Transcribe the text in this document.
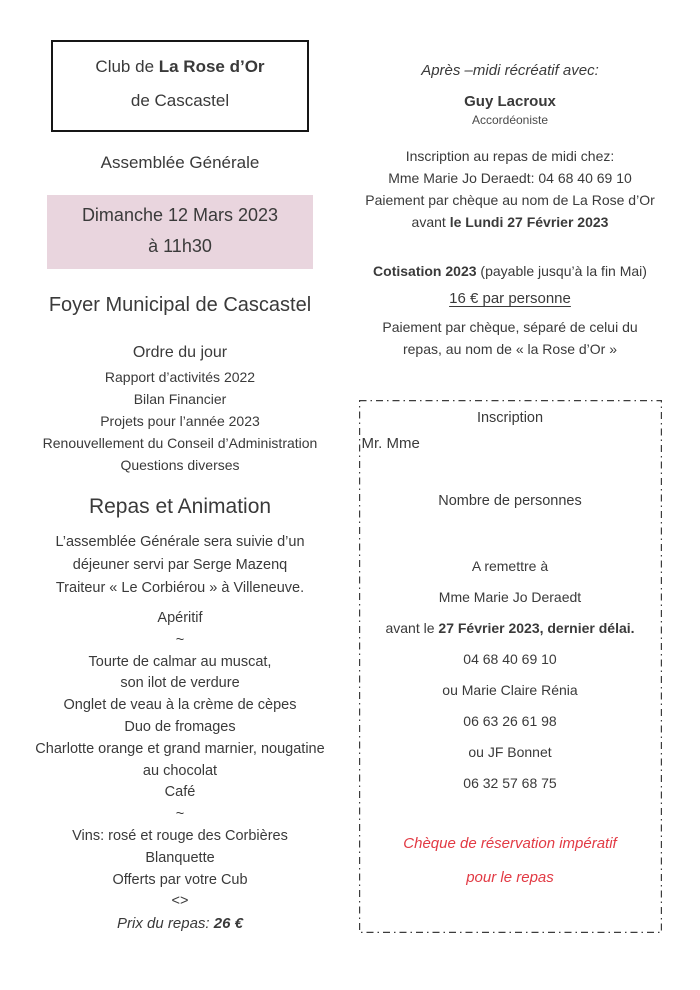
Club de La Rose d’Or
de Cascastel
Assemblée Générale
Dimanche 12 Mars 2023
à 11h30
Foyer Municipal de Cascastel
Ordre du jour
Rapport d’activités 2022
Bilan Financier
Projets pour l’année 2023
Renouvellement du Conseil d’Administration
Questions diverses
Repas et Animation
L’assemblée Générale sera suivie d’un
déjeuner servi par Serge Mazenq
Traiteur « Le Corbiérou » à Villeneuve.
Apéritif
~
Tourte de calmar au muscat,
son ilot de verdure
Onglet de veau à la crème de cèpes
Duo de fromages
Charlotte orange et grand marnier, nougatine
au chocolat
Café
~
Vins: rosé et rouge des Corbières
Blanquette
Offerts par votre Cub
<>
Prix du repas: 26 €
Après –midi récréatif avec:
Guy Lacroux
Accordéoniste
Inscription au repas de midi chez:
Mme Marie Jo Deraedt: 04 68 40 69 10
Paiement par chèque au nom de La Rose d’Or
avant le Lundi 27 Février 2023
Cotisation 2023 (payable jusqu’à la fin Mai)
16 € par personne
Paiement par chèque, séparé de celui du
repas, au nom de « la Rose d’Or »
Inscription
Mr. Mme
Nombre de personnes
A remettre à
Mme Marie Jo Deraedt
avant le 27 Février 2023, dernier délai.
04 68 40 69 10
ou Marie Claire Rénia
06 63 26 61 98
ou JF Bonnet
06 32 57 68 75
Chèque de réservation impératif
pour le repas
